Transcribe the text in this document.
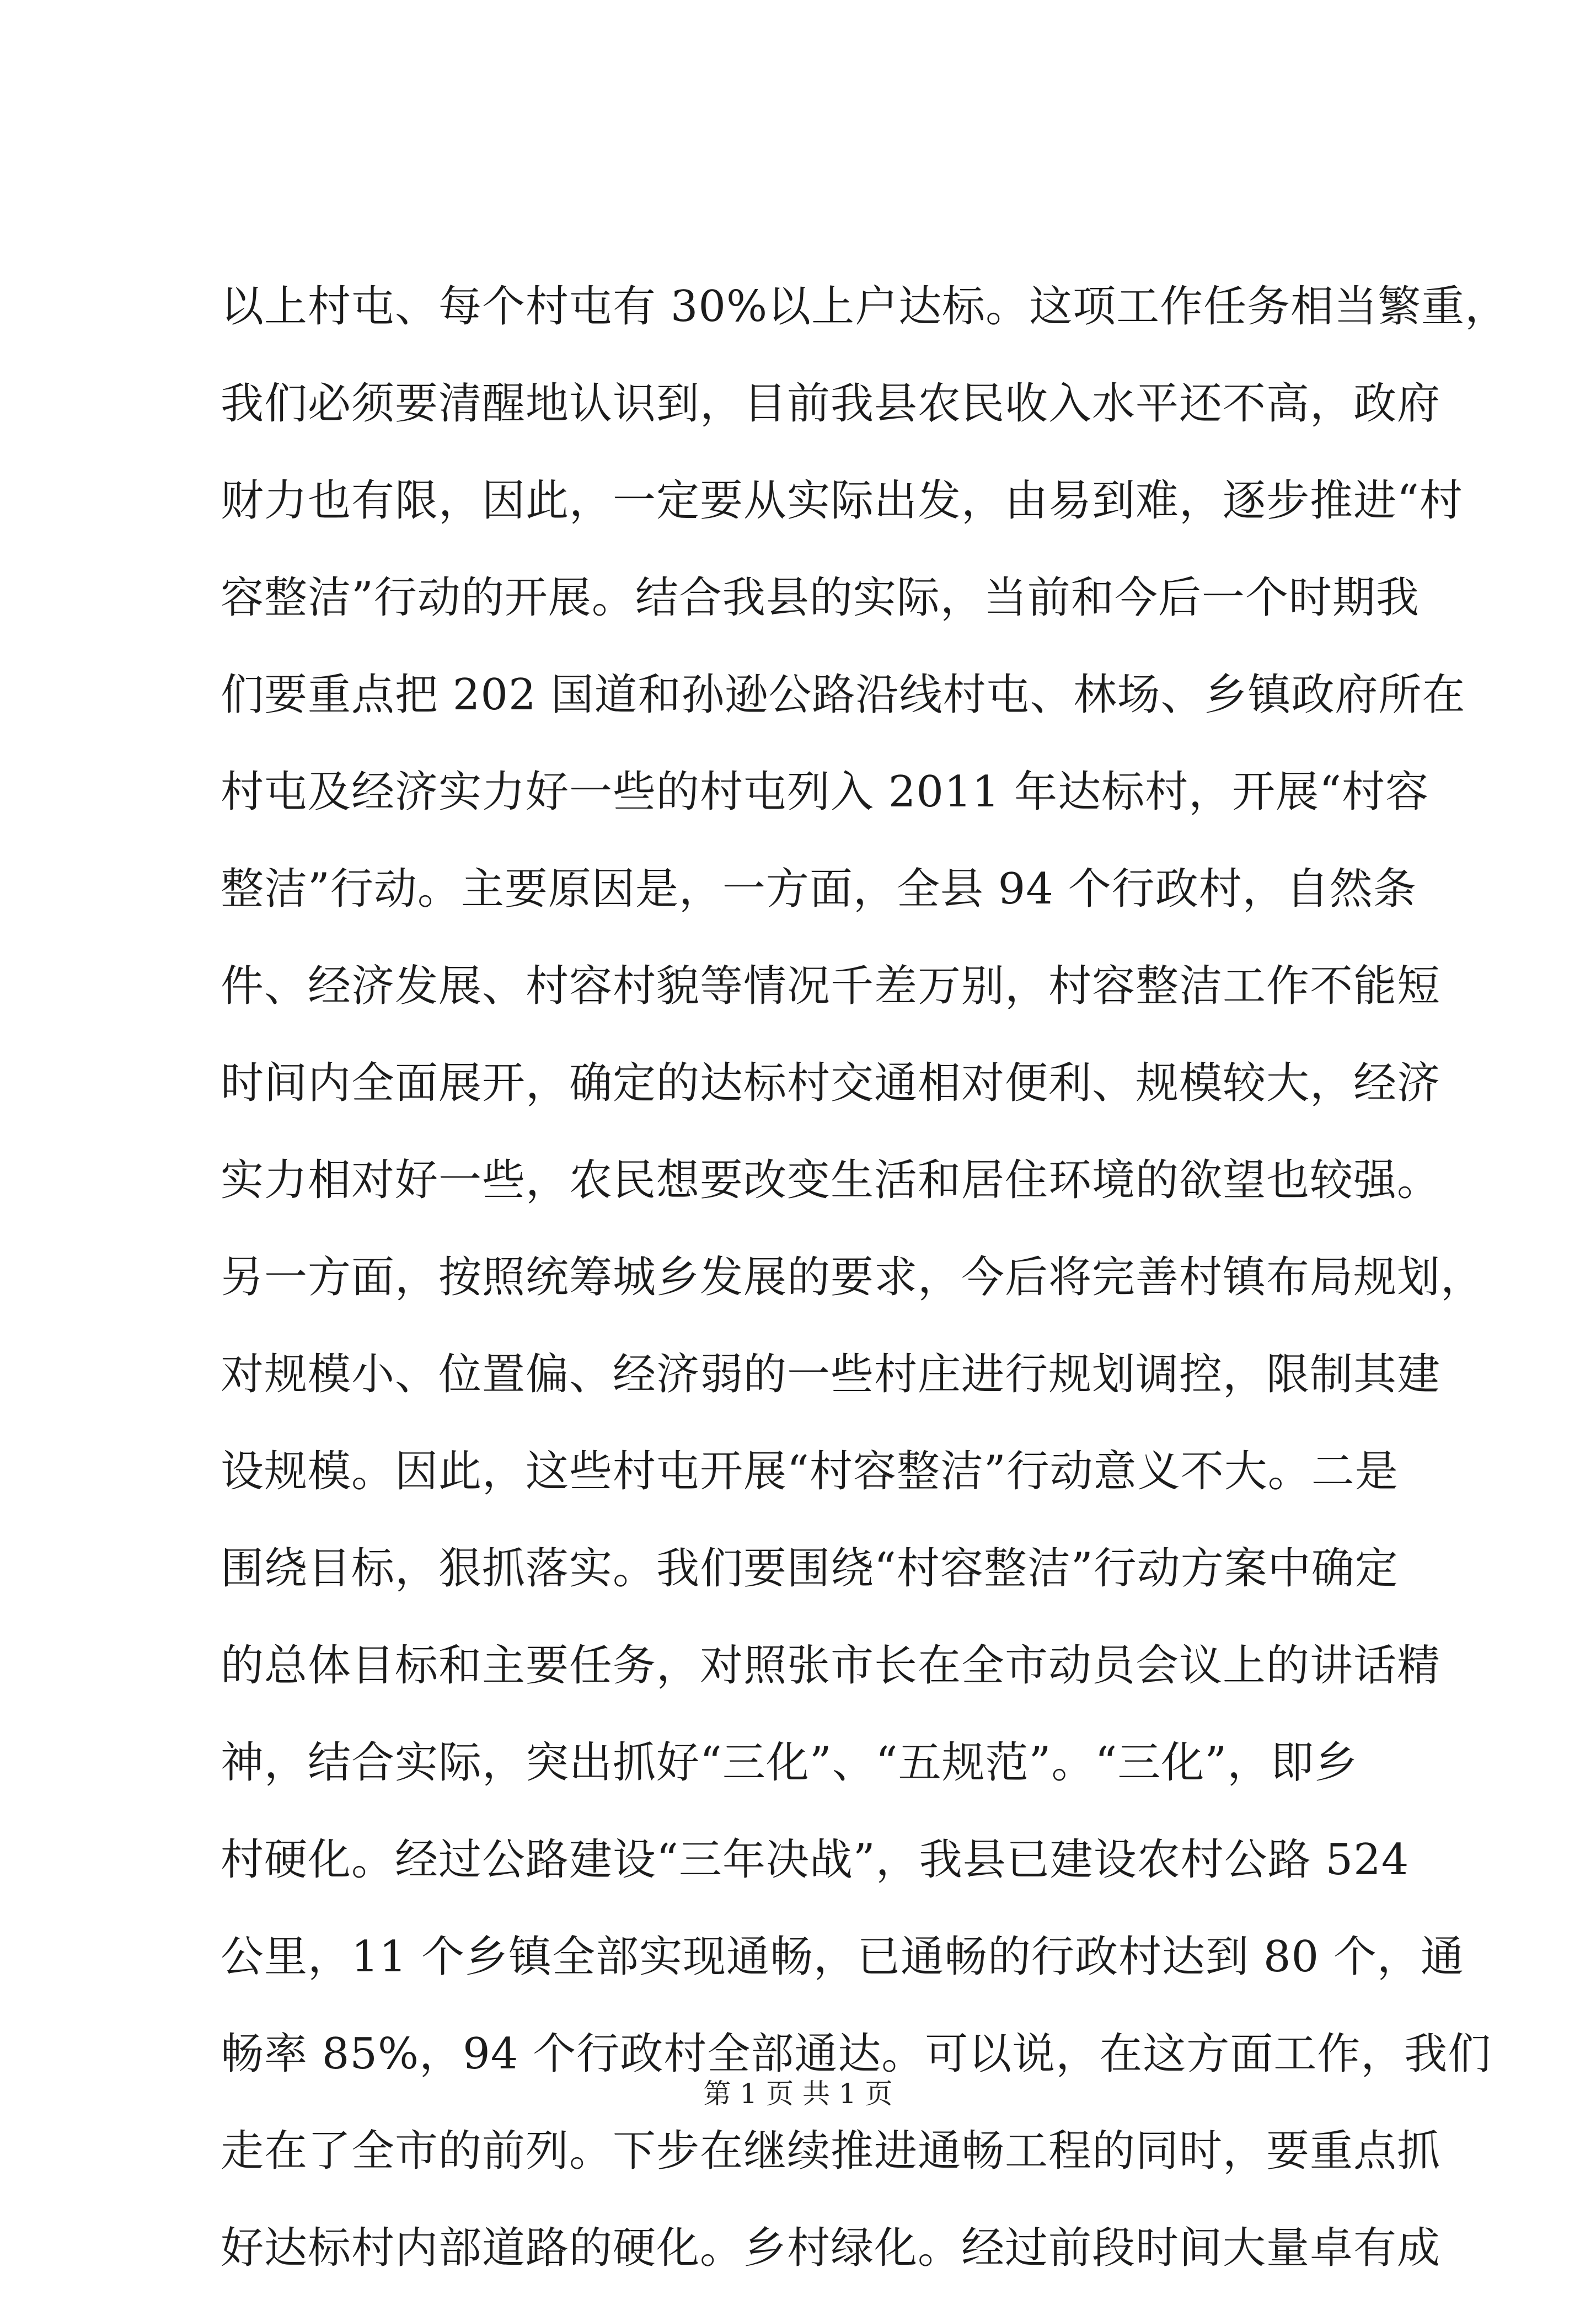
以上村屯、每个村屯有 30%以上户达标。这项工作任务相当繁重，
我们必须要清醒地认识到，目前我县农民收入水平还不高，政府
财力也有限，因此，一定要从实际出发，由易到难，逐步推进“村
容整洁”行动的开展。结合我县的实际，当前和今后一个时期我
们要重点把 202 国道和孙逊公路沿线村屯、林场、乡镇政府所在
村屯及经济实力好一些的村屯列入 2011 年达标村，开展“村容
整洁”行动。主要原因是，一方面，全县 94 个行政村，自然条
件、经济发展、村容村貌等情况千差万别，村容整洁工作不能短
时间内全面展开，确定的达标村交通相对便利、规模较大，经济
实力相对好一些，农民想要改变生活和居住环境的欲望也较强。
另一方面，按照统筹城乡发展的要求，今后将完善村镇布局规划，
对规模小、位置偏、经济弱的一些村庄进行规划调控，限制其建
设规模。因此，这些村屯开展“村容整洁”行动意义不大。二是
围绕目标，狠抓落实。我们要围绕“村容整洁”行动方案中确定
的总体目标和主要任务，对照张市长在全市动员会议上的讲话精
神，结合实际，突出抓好“三化”、“五规范”。“三化”，即乡
村硬化。经过公路建设“三年决战”，我县已建设农村公路 524
公里，11 个乡镇全部实现通畅，已通畅的行政村达到 80 个，通
畅率 85%，94 个行政村全部通达。可以说，在这方面工作，我们
走在了全市的前列。下步在继续推进通畅工程的同时，要重点抓
好达标村内部道路的硬化。乡村绿化。经过前段时间大量卓有成
第 1 页 共 1 页
